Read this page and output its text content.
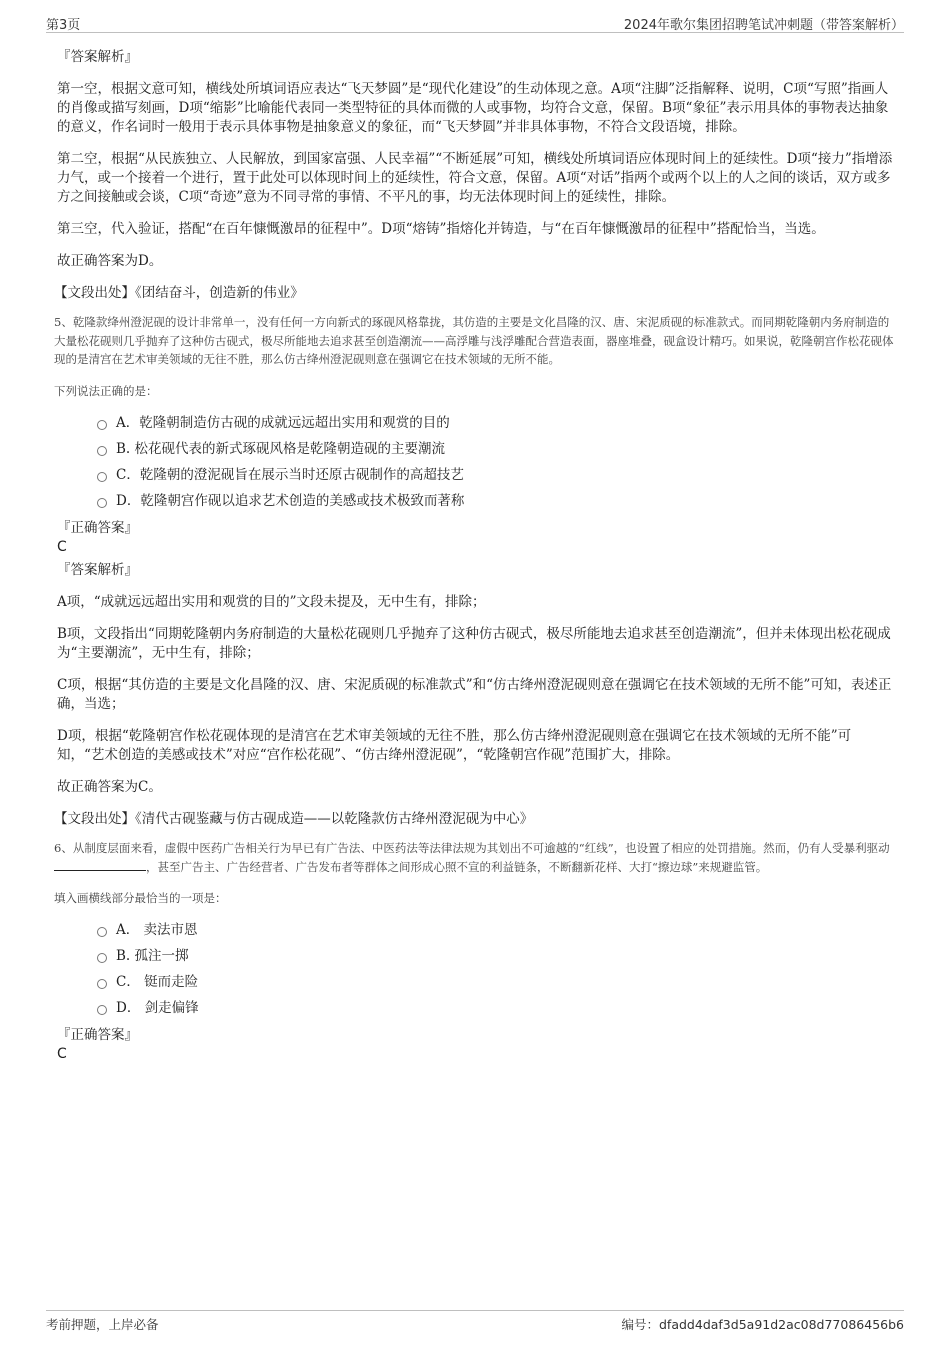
第3页	2024年歌尔集团招聘笔试冲刺题（带答案解析）

『答案解析』

第一空，根据文意可知，横线处所填词语应表达“飞天梦圆”是“现代化建设”的生动体现之意。A项“注脚”泛指解释、说明，C项“写照”指画人的肖像或描写刻画，D项“缩影”比喻能代表同一类型特征的具体而微的人或事物，均符合文意，保留。B项“象征”表示用具体的事物表达抽象的意义，作名词时一般用于表示具体事物是抽象意义的象征，而“飞天梦圆”并非具体事物，不符合文段语境，排除。

第二空，根据“从民族独立、人民解放，到国家富强、人民幸福”“不断延展”可知，横线处所填词语应体现时间上的延续性。D项“接力”指增添力气，或一个接着一个进行，置于此处可以体现时间上的延续性，符合文意，保留。A项“对话”指两个或两个以上的人之间的谈话，双方或多方之间接触或会谈，C项“奇迹”意为不同寻常的事情、不平凡的事，均无法体现时间上的延续性，排除。

第三空，代入验证，搭配“在百年慷慨激昂的征程中”。D项“熔铸”指熔化并铸造，与“在百年慷慨激昂的征程中”搭配恰当，当选。

故正确答案为D。

【文段出处】《团结奋斗，创造新的伟业》

5、乾隆款绛州澄泥砚的设计非常单一，没有任何一方向新式的琢砚风格靠拢，其仿造的主要是文化昌隆的汉、唐、宋泥质砚的标准款式。而同期乾隆朝内务府制造的大量松花砚则几乎抛弃了这种仿古砚式，极尽所能地去追求甚至创造潮流——高浮雕与浅浮雕配合营造表面，器座堆叠，砚盒设计精巧。如果说，乾隆朝宫作松花砚体现的是清宫在艺术审美领域的无往不胜，那么仿古绛州澄泥砚则意在强调它在技术领域的无所不能。

下列说法正确的是：

A．乾隆朝制造仿古砚的成就远远超出实用和观赏的目的
B. 松花砚代表的新式琢砚风格是乾隆朝造砚的主要潮流
C．乾隆朝的澄泥砚旨在展示当时还原古砚制作的高超技艺
D．乾隆朝宫作砚以追求艺术创造的美感或技术极致而著称

『正确答案』

C

『答案解析』

A项，“成就远远超出实用和观赏的目的”文段未提及，无中生有，排除；

B项，文段指出“同期乾隆朝内务府制造的大量松花砚则几乎抛弃了这种仿古砚式，极尽所能地去追求甚至创造潮流”，但并未体现出松花砚成为“主要潮流”，无中生有，排除；

C项，根据“其仿造的主要是文化昌隆的汉、唐、宋泥质砚的标准款式”和“仿古绛州澄泥砚则意在强调它在技术领域的无所不能”可知，表述正确，当选；

D项，根据“乾隆朝宫作松花砚体现的是清宫在艺术审美领域的无往不胜，那么仿古绛州澄泥砚则意在强调它在技术领域的无所不能”可知，“艺术创造的美感或技术”对应“宫作松花砚”、“仿古绛州澄泥砚”，“乾隆朝宫作砚”范围扩大，排除。

故正确答案为C。

【文段出处】《清代古砚鉴藏与仿古砚成造——以乾隆款仿古绛州澄泥砚为中心》

6、从制度层面来看，虚假中医药广告相关行为早已有广告法、中医药法等法律法规为其划出不可逾越的“红线”，也设置了相应的处罚措施。然而，仍有人受暴利驱动 ，甚至广告主、广告经营者、广告发布者等群体之间形成心照不宣的利益链条，不断翻新花样、大打“擦边球”来规避监管。

填入画横线部分最恰当的一项是：

A． 卖法市恩
B. 孤注一掷
C． 铤而走险
D． 剑走偏锋

『正确答案』

C

考前押题，上岸必备	编号：dfadd4daf3d5a91d2ac08d77086456b6
